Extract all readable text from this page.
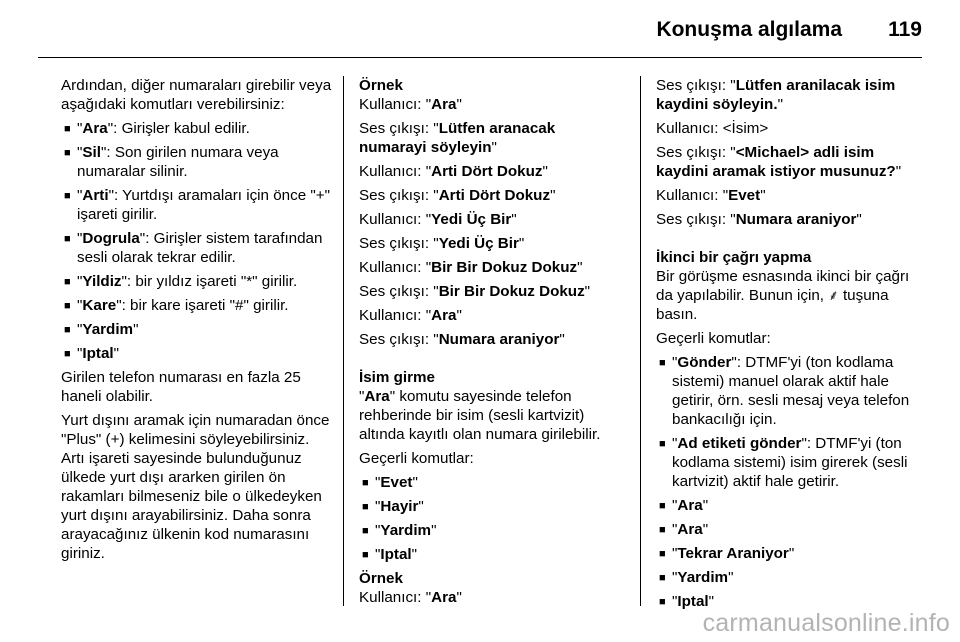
Konuşma algılama 119

Ardından, diğer numaraları girebilir veya aşağıdaki komutları verebilirsiniz:

■ "Ara": Girişler kabul edilir.

■ "Sil": Son girilen numara veya numaralar silinir.

■ "Arti": Yurtdışı aramaları için önce "+" işareti girilir.

■ "Dogrula": Girişler sistem tarafından sesli olarak tekrar edilir.

■ "Yildiz": bir yıldız işareti "*" girilir.

■ "Kare": bir kare işareti "#" girilir.

■ "Yardim"

■ "Iptal"

Girilen telefon numarası en fazla 25 haneli olabilir.

Yurt dışını aramak için numaradan önce "Plus" (+) kelimesini söyleyebilirsiniz. Artı işareti sayesinde bulunduğunuz ülkede yurt dışı ararken girilen ön rakamları bilmeseniz bile o ülkedeyken yurt dışını arayabilirsiniz. Daha sonra arayacağınız ülkenin kod numarasını giriniz.

Örnek

Kullanıcı: "Ara"

Ses çıkışı: "Lütfen aranacak numarayi söyleyin"

Kullanıcı: "Arti Dört Dokuz"

Ses çıkışı: "Arti Dört Dokuz"

Kullanıcı: "Yedi Üç Bir"

Ses çıkışı: "Yedi Üç Bir"

Kullanıcı: "Bir Bir Dokuz Dokuz"

Ses çıkışı: "Bir Bir Dokuz Dokuz"

Kullanıcı: "Ara"

Ses çıkışı: "Numara araniyor"

İsim girme

"Ara" komutu sayesinde telefon rehberinde bir isim (sesli kartvizit) altında kayıtlı olan numara girilebilir.

Geçerli komutlar:

■ "Evet"

■ "Hayir"

■ "Yardim"

■ "Iptal"

Örnek

Kullanıcı: "Ara"

Ses çıkışı: "Lütfen aranilacak isim kaydini söyleyin."

Kullanıcı: <İsim>

Ses çıkışı: "<Michael> adli isim kaydini aramak istiyor musunuz?"

Kullanıcı: "Evet"

Ses çıkışı: "Numara araniyor"

İkinci bir çağrı yapma

Bir görüşme esnasında ikinci bir çağrı da yapılabilir. Bunun için, ⸙ tuşuna basın.

Geçerli komutlar:

■ "Gönder": DTMF'yi (ton kodlama sistemi) manuel olarak aktif hale getirir, örn. sesli mesaj veya telefon bankacılığı için.

■ "Ad etiketi gönder": DTMF'yi (ton kodlama sistemi) isim girerek (sesli kartvizit) aktif hale getirir.

■ "Ara"

■ "Ara"

■ "Tekrar Araniyor"

■ "Yardim"

■ "Iptal"

carmanualsonline.info
